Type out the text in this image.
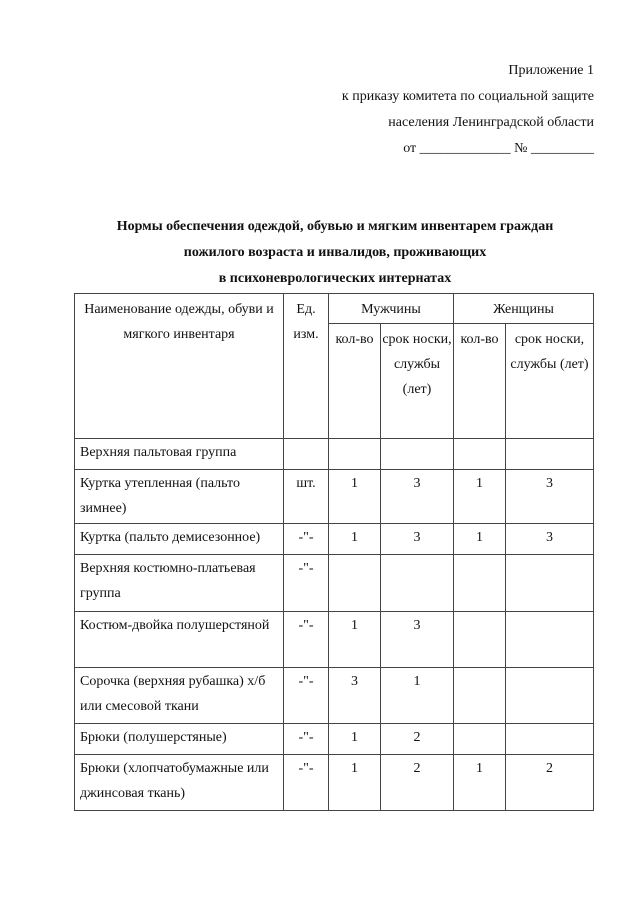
Приложение 1
к приказу комитета по социальной защите
населения Ленинградской области
от _____________ № _________
Нормы обеспечения одеждой, обувью и мягким инвентарем граждан
пожилого возраста и инвалидов, проживающих
в психоневрологических интернатах
Наименование одежды, обуви и мягкого инвентаря	Ед. изм.	Мужчины		Женщины	
		кол-во	срок носки, службы (лет)	кол-во	срок носки, службы (лет)
Верхняя пальтовая группа					
Куртка утепленная (пальто зимнее)	шт.	1	3	1	3
Куртка (пальто демисезонное)	-"-	1	3	1	3
Верхняя костюмно-платьевая группа	-"-				
Костюм-двойка полушерстяной	-"-	1	3		
Сорочка (верхняя рубашка) х/б или смесовой ткани	-"-	3	1		
Брюки (полушерстяные)	-"-	1	2		
Брюки (хлопчатобумажные или джинсовая ткань)	-"-	1	2	1	2
